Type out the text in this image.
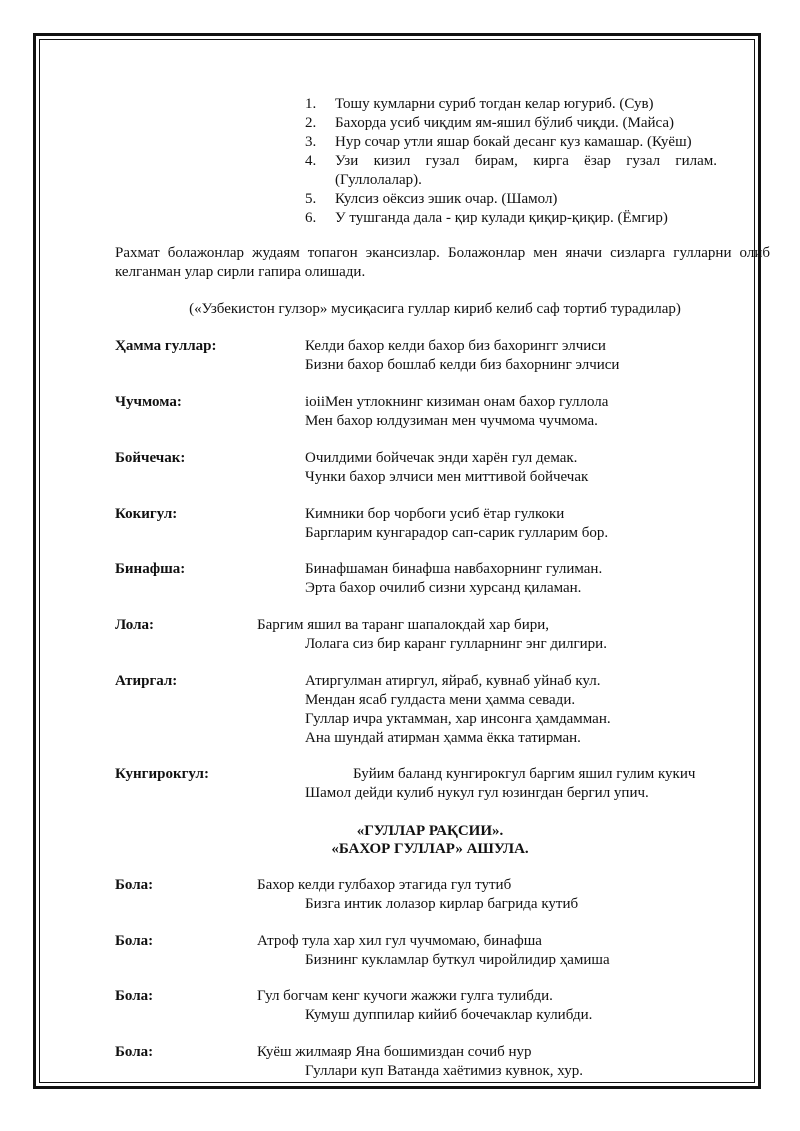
1. Тошу кумларни суриб тогдан келар югуриб. (Сув)
2. Бахорда усиб чиқдим ям-яшил бўлиб чиқди. (Майса)
3. Нур сочар утли яшар бокай десанг куз камашар. (Куёш)
4. Узи кизил гузал бирам, кирга ёзар гузал гилам. (Гуллолалар).
5. Кулсиз оёксиз эшик очар. (Шамол)
6. У тушганда дала - қир кулади қиқир-қиқир. (Ёмгир)

Рахмат болажонлар жудаям топагон экансизлар. Болажонлар мен яначи сизларга гулларни олиб келганман улар сирли гапира олишади.

(«Узбекистон гулзор» мусиқасига гуллар кириб келиб саф тортиб турадилар)

Ҳамма гуллар:	Келди бахор келди бахор биз бахорингг элчиси
Бизни бахор бошлаб келди биз бахорнинг элчиси
Чучмома:	ioiiМен утлокнинг кизиман онам бахор гуллола
Мен бахор юлдузиман мен чучмома чучмома.
Бойчечак:	Очилдими бойчечак энди харён гул демак.
Чунки бахор элчиси мен миттивой бойчечак
Кокигул:	Кимники бор чорбоги усиб ётар гулкоки
Баргларим кунгарадор сап-сарик гулларим бор.
Бинафша:	Бинафшаман бинафша навбахорнинг гулиман.
Эрта бахор очилиб сизни хурсанд қиламан.
Лола:	Баргим яшил ва таранг шапалокдай хар бири,
Лолага сиз бир каранг гулларнинг энг дилгири.
Атиргал:	Атиргулман атиргул, яйраб, кувнаб уйнаб кул.
Мендан ясаб гулдаста мени ҳамма севади.
Гуллар ичра уктамман, хар инсонга ҳамдамман.
Ана шундай атирман ҳамма ёкка татирман.
Кунгирокгул:	Буйим баланд кунгирокгул баргим яшил гулим кукич
Шамол дейди кулиб нукул гул юзингдан бергил упич.
«ГУЛЛАР РАҚСИИ».
«БАХОР ГУЛЛАР» АШУЛА.
Бола:	Бахор келди гулбахор этагида гул тутиб
Бизга интик лолазор кирлар багрида кутиб
Бола:	Атроф тула хар хил гул чучмомаю, бинафша
Бизнинг кукламлар буткул чиройлидир ҳамиша
Бола:	Гул богчам кенг кучоги жажжи гулга тулибди.
Кумуш дуппилар кийиб бочечаклар кулибди.
Бола:	Куёш жилмаяр Яна бошимиздан сочиб нур
Гуллари куп Ватанда хаётимиз кувнок, хур.
